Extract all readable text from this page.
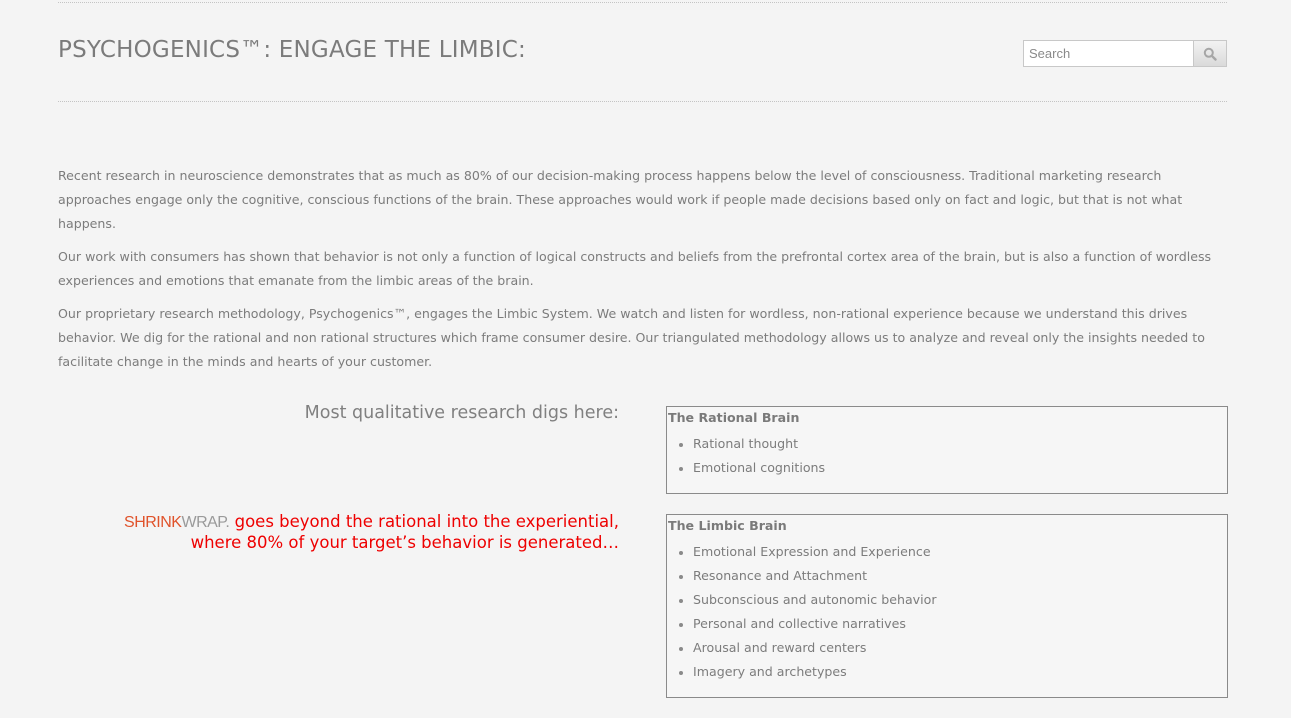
PSYCHOGENICS™: ENGAGE THE LIMBIC:
Search

Recent research in neuroscience demonstrates that as much as 80% of our decision-making process happens below the level of consciousness. Traditional marketing research approaches engage only the cognitive, conscious functions of the brain. These approaches would work if people made decisions based only on fact and logic, but that is not what happens.

Our work with consumers has shown that behavior is not only a function of logical constructs and beliefs from the prefrontal cortex area of the brain, but is also a function of wordless experiences and emotions that emanate from the limbic areas of the brain.

Our proprietary research methodology, Psychogenics™, engages the Limbic System. We watch and listen for wordless, non-rational experience because we understand this drives behavior. We dig for the rational and non rational structures which frame consumer desire. Our triangulated methodology allows us to analyze and reveal only the insights needed to facilitate change in the minds and hearts of your customer.

Most qualitative research digs here:
SHRINKWRAP. goes beyond the rational into the experiential,
where 80% of your target’s behavior is generated…
The Rational Brain
Rational thought
Emotional cognitions
The Limbic Brain
Emotional Expression and Experience
Resonance and Attachment
Subconscious and autonomic behavior
Personal and collective narratives
Arousal and reward centers
Imagery and archetypes
